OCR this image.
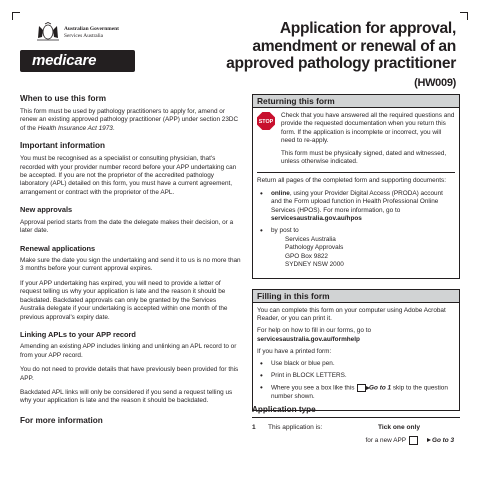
Australian Government
Services Australia
medicare
Application for approval, amendment or renewal of an approved pathology practitioner (HW009)
When to use this form

This form must be used by pathology practitioners to apply for, amend or renew an existing approved pathology practitioner (APP) under section 23DC of the Health Insurance Act 1973.

Important information

You must be recognised as a specialist or consulting physician, that's recorded with your provider number record before your APP undertaking can be accepted. If you are not the proprietor of the accredited pathology laboratory (APL) detailed on this form, you must have a current agreement, arrangement or contract with the proprietor of the APL.

New approvals

Approval period starts from the date the delegate makes their decision, or a later date.

Renewal applications

Make sure the date you sign the undertaking and send it to us is no more than 3 months before your current approval expires.

If your APP undertaking has expired, you will need to provide a letter of request telling us why your application is late and the reason it should be backdated. Backdated approvals can only be granted by the Services Australia delegate if your undertaking is accepted within one month of the previous approval's expiry date.

Linking APLs to your APP record

Amending an existing APP includes linking and unlinking an APL record to or from your APP record.

You do not need to provide details that have previously been provided for this APP.

Backdated APL links will only be considered if you send a request telling us why your application is late and the reason it should be backdated.

For more information
Returning this form
STOP

Check that you have answered all the required questions and provide the requested documentation when you return this form. If the application is incomplete or incorrect, you will need to re-apply.

This form must be physically signed, dated and witnessed, unless otherwise indicated.

Return all pages of the completed form and supporting documents:

• online, using your Provider Digital Access (PRODA) account and the Form upload function in Health Professional Online Services (HPOS). For more information, go to servicesaustralia.gov.au/hpos
• by post to
Services Australia
Pathology Approvals
GPO Box 9822
SYDNEY NSW 2000
Filling in this form

You can complete this form on your computer using Adobe Acrobat Reader, or you can print it.

For help on how to fill in our forms, go to
servicesaustralia.gov.au/formhelp

If you have a printed form:

• Use black or blue pen.
• Print in BLOCK LETTERS.
• Where you see a box like this  Go to 1 skip to the question number shown.
Application type
1	This application is:	Tick one only
for a new APP	Go to 3
